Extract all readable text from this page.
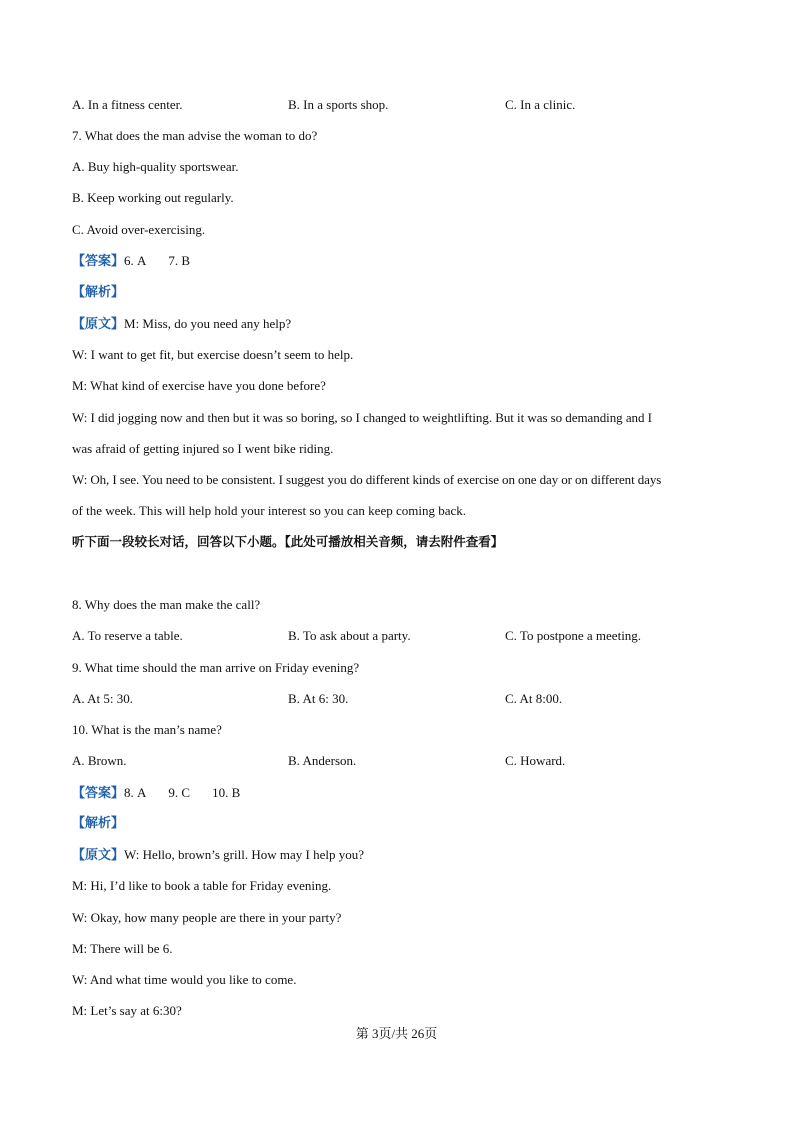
A. In a fitness center.	B. In a sports shop.	C. In a clinic.
7. What does the man advise the woman to do?
A. Buy high-quality sportswear.
B. Keep working out regularly.
C. Avoid over-exercising.
【答案】6. A 7. B
【解析】
【原文】M: Miss, do you need any help?
W: I want to get fit, but exercise doesn’t seem to help.
M: What kind of exercise have you done before?
W: I did jogging now and then but it was so boring, so I changed to weightlifting. But it was so demanding and I
was afraid of getting injured so I went bike riding.
W: Oh, I see. You need to be consistent. I suggest you do different kinds of exercise on one day or on different days
of the week. This will help hold your interest so you can keep coming back.
听下面一段较长对话，回答以下小题。【此处可播放相关音频，请去附件查看】
8. Why does the man make the call?
A. To reserve a table.	B. To ask about a party.	C. To postpone a meeting.
9. What time should the man arrive on Friday evening?
A. At 5: 30.	B. At 6: 30.	C. At 8:00.
10. What is the man’s name?
A. Brown.	B. Anderson.	C. Howard.
【答案】8. A 9. C 10. B
【解析】
【原文】W: Hello, brown’s grill. How may I help you?
M: Hi, I’d like to book a table for Friday evening.
W: Okay, how many people are there in your party?
M: There will be 6.
W: And what time would you like to come.
M: Let’s say at 6:30?
第 3页/共 26页
